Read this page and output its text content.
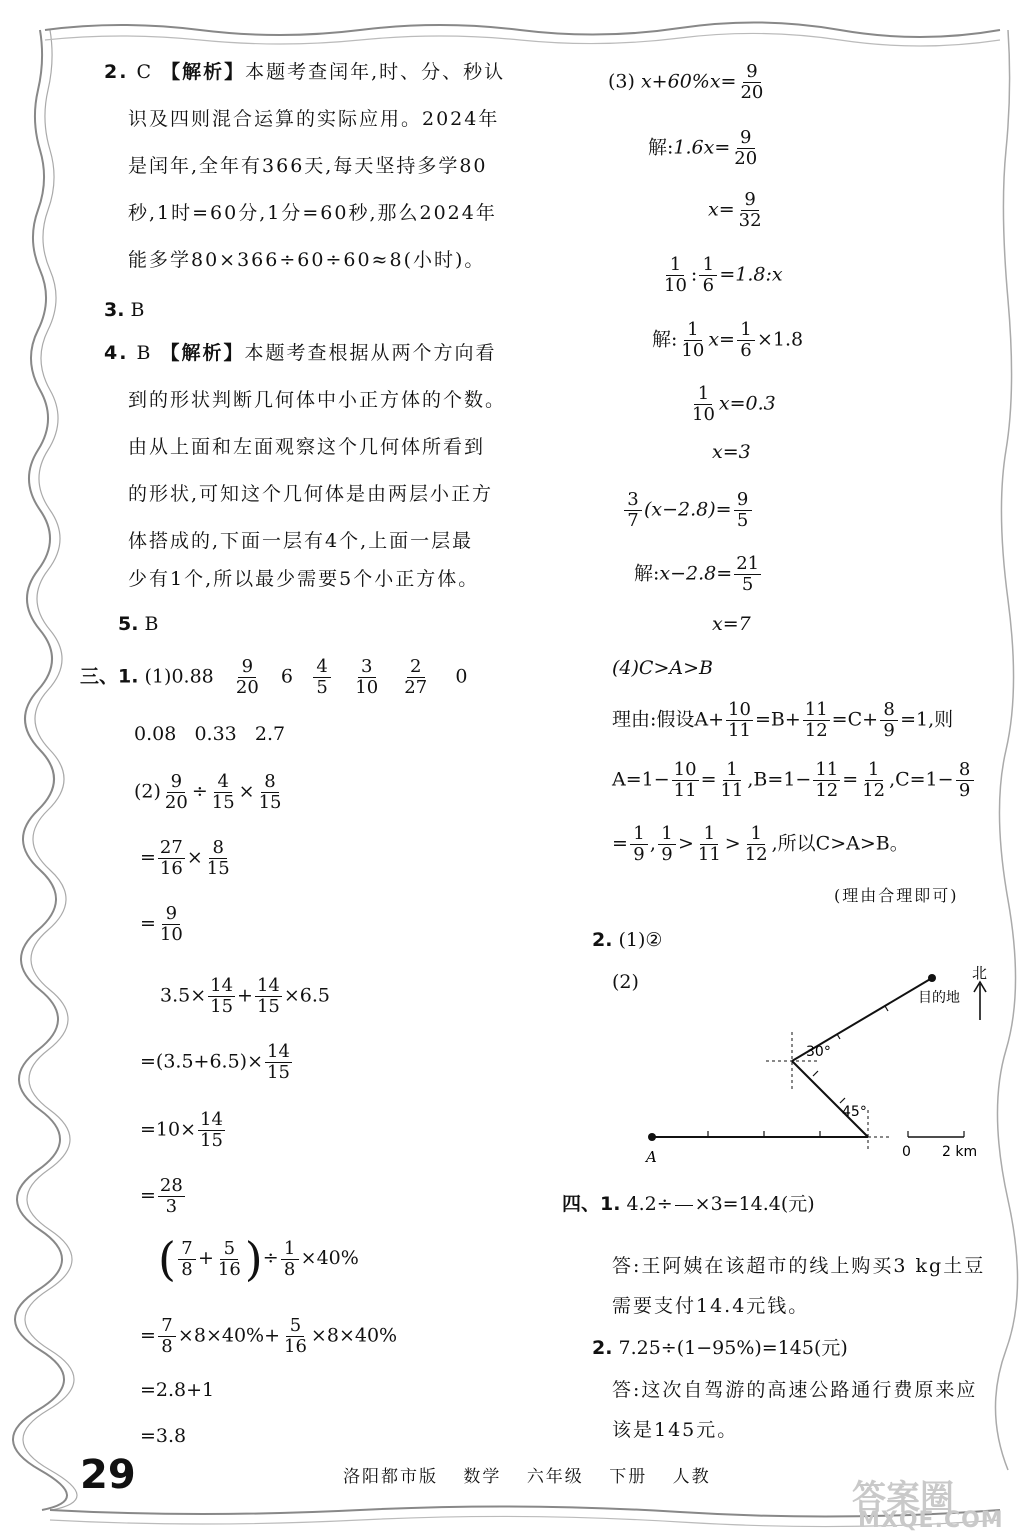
2. C 【解析】本题考查闰年,时、分、秒认
识及四则混合运算的实际应用。2024年
是闰年,全年有366天,每天坚持多学80
秒,1时=60分,1分=60秒,那么2024年
能多学80×366÷60÷60≈8(小时)。
3. B
4. B 【解析】本题考查根据从两个方向看
到的形状判断几何体中小正方体的个数。
由从上面和左面观察这个几何体所看到
的形状,可知这个几何体是由两层小正方
体搭成的,下面一层有4个,上面一层最
少有1个,所以最少需要5个小正方体。
5. B
三、1. $(1)0.88 \frac{9}{20} 6 \frac{4}{5}$
$\frac{3}{10}$
$\frac{2}{27} 0$
0.08 0.33 2.7
$(2) \frac{9}{20} \div \frac{4}{15} \times \frac{8}{15}$
= $\frac{27}{16} \times \frac{8}{15}$
= $\frac{9}{10}$
$3.5\times \frac{14}{15} + \frac{14}{15} \times 6.5$
$=(3.5+6.5)\times \frac{14}{15}$
$=10\times \frac{14}{15}$
= $\frac{28}{3}$
( $\frac{7}{8} + \frac{5}{16}$ )÷ $\frac{1}{8} \times 40\%$
= $\frac{7}{8} \times 8\times 40\%+ \frac{5}{16} \times 8\times 40\%$
=2.8+1
=3.8
29
(3) $x+60\%x= \frac{9}{20}$
解:1.6x= $\frac{9}{20}$
$x= \frac{9}{32}$
$\frac{1}{10}$ : $\frac{1}{6}$ =1.8:x
解: $\frac{1}{10} x= \frac{1}{6} \times 1.8$
$\frac{1}{10} x=0.3$
x=3
$\frac{3}{7} (x-2.8)= \frac{9}{5}$
解:x−2.8= $\frac{21}{5}$
x=7
(4)C>A>B
理由:假设$A+ \frac{10}{11} =B+ \frac{11}{12} =C+ \frac{8}{9} =1$,则
$A=1- \frac{10}{11} = \frac{1}{11} ,B=1- \frac{11}{12} = \frac{1}{12} ,C=1- \frac{8}{9}$
= $\frac{1}{9}$ , $\frac{1}{9} > \frac{1}{11} > \frac{1}{12}$ ,所以C>A>B。
(理由合理即可)
2. (1)②
(2)	北
目的地
30°
45°
A	0 2 km
四、1. 4.2÷ ×3=14.4(元)
答:王阿姨在该超市的线上购买3 kg土豆
需要支付14.4元钱。
2. 7.25÷(1−95%)=145(元)
答:这次自驾游的高速公路通行费原来应
该是145元。
洛阳都市版 数学 六年级 下册 人教
答案圈
MXQE.COM
